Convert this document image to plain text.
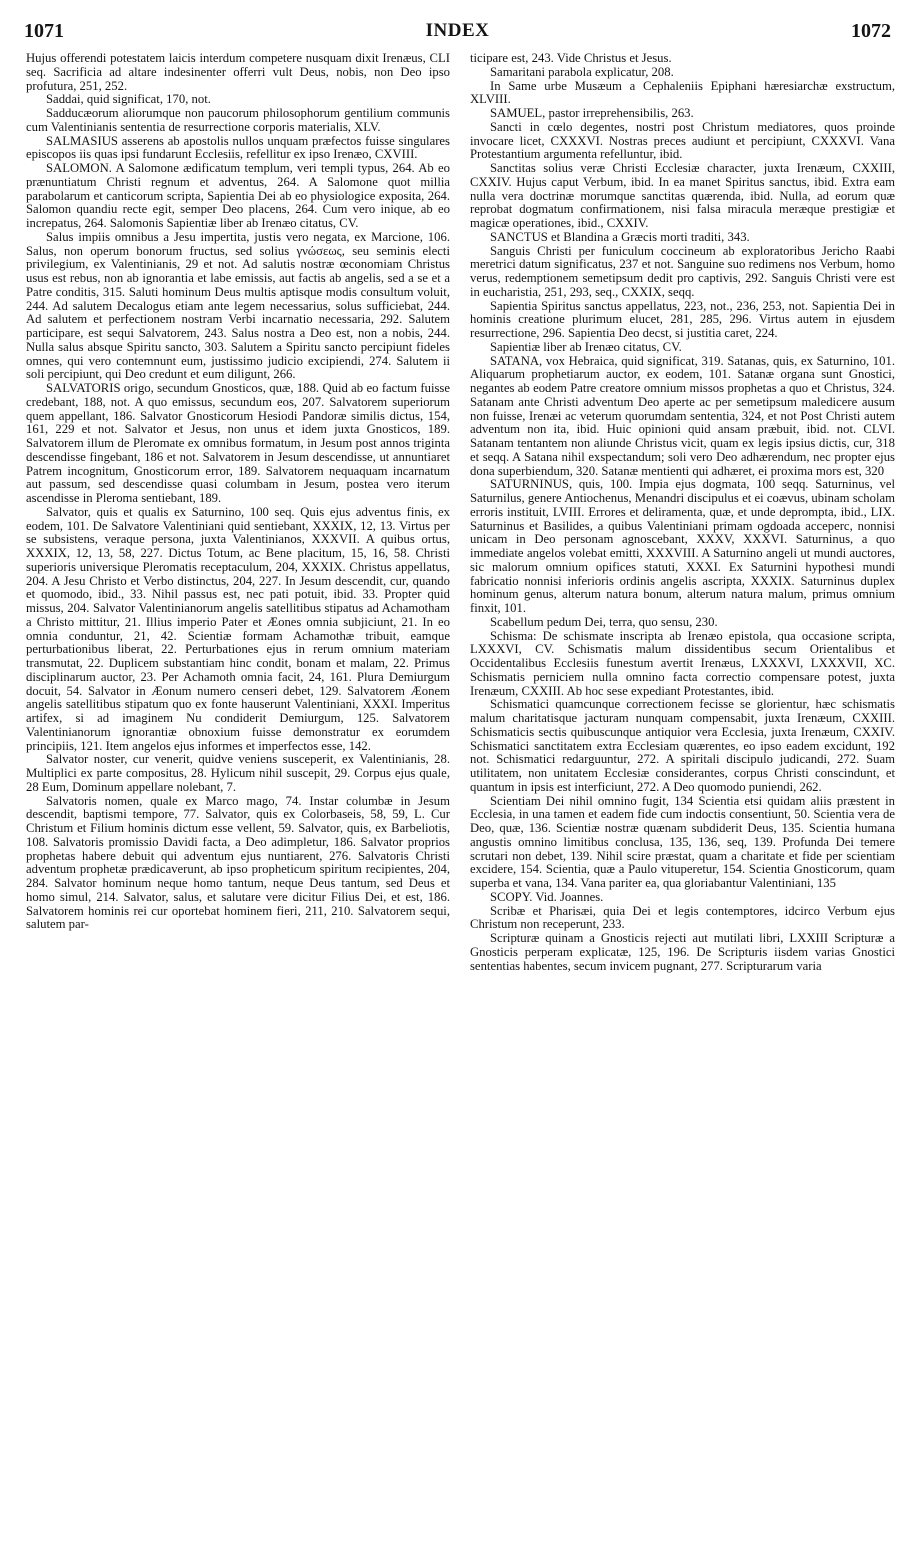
1071	INDEX	1072

Hujus offerendi potestatem laicis interdum competere nusquam dixit Irenæus, CLI seq. Sacrificia ad altare indesinenter offerri vult Deus, nobis, non Deo ipso profutura, 251, 252.

Saddai, quid significat, 170, not.

Sadducæorum aliorumque non paucorum philosophorum gentilium communis cum Valentinianis sententia de resurrectione corporis materialis, XLV.

SALMASIUS asserens ab apostolis nullos unquam præfectos fuisse singulares episcopos iis quas ipsi fundarunt Ecclesiis, refellitur ex ipso Irenæo, CXVIII.

SALOMON. A Salomone ædificatum templum, veri templi typus, 264. Ab eo prænuntiatum Christi regnum et adventus, 264. A Salomone quot millia parabolarum et canticorum scripta, Sapientia Dei ab eo physiologice exposita, 264. Salomon quandiu recte egit, semper Deo placens, 264. Cum vero inique, ab eo increpatus, 264. Salomonis Sapientiæ liber ab Irenæo citatus, CV.

Salus impiis omnibus a Jesu impertita, justis vero negata, ex Marcione, 106. Salus, non operum bonorum fructus, sed solius γνώσεως, seu seminis electi privilegium, ex Valentinianis, 29 et not. Ad salutis nostræ œconomiam Christus usus est rebus, non ab ignorantia et labe emissis, aut factis ab angelis, sed a se et a Patre conditis, 315. Saluti hominum Deus multis aptisque modis consultum voluit, 244. Ad salutem Decalogus etiam ante legem necessarius, solus sufficiebat, 244. Ad salutem et perfectionem nostram Verbi incarnatio necessaria, 292. Salutem participare, est sequi Salvatorem, 243. Salus nostra a Deo est, non a nobis, 244. Nulla salus absque Spiritu sancto, 303. Salutem a Spiritu sancto percipiunt fideles omnes, qui vero contemnunt eum, justissimo judicio excipiendi, 274. Salutem ii soli percipiunt, qui Deo credunt et eum diligunt, 266.

SALVATORIS origo, secundum Gnosticos, quæ, 188. Quid ab eo factum fuisse credebant, 188, not. A quo emissus, secundum eos, 207. Salvatorem superiorum quem appellant, 186. Salvator Gnosticorum Hesiodi Pandoræ similis dictus, 154, 161, 229 et not. Salvator et Jesus, non unus et idem juxta Gnosticos, 189. Salvatorem illum de Pleromate ex omnibus formatum, in Jesum post annos triginta descendisse fingebant, 186 et not. Salvatorem in Jesum descendisse, ut annuntiaret Patrem incognitum, Gnosticorum error, 189. Salvatorem nequaquam incarnatum aut passum, sed descendisse quasi columbam in Jesum, postea vero iterum ascendisse in Pleroma sentiebant, 189.

Salvator, quis et qualis ex Saturnino, 100 seq. Quis ejus adventus finis, ex eodem, 101. De Salvatore Valentiniani quid sentiebant, XXXIX, 12, 13. Virtus per se subsistens, veraque persona, juxta Valentinianos, XXXVII. A quibus ortus, XXXIX, 12, 13, 58, 227. Dictus Totum, ac Bene placitum, 15, 16, 58. Christi superioris universique Pleromatis receptaculum, 204, XXXIX. Christus appellatus, 204. A Jesu Christo et Verbo distinctus, 204, 227. In Jesum descendit, cur, quando et quomodo, ibid., 33. Nihil passus est, nec pati potuit, ibid. 33. Propter quid missus, 204. Salvator Valentinianorum angelis satellitibus stipatus ad Achamotham a Christo mittitur, 21. Illius imperio Pater et Æones omnia subjiciunt, 21. In eo omnia conduntur, 21, 42. Scientiæ formam Achamothæ tribuit, eamque perturbationibus liberat, 22. Perturbationes ejus in rerum omnium materiam transmutat, 22. Duplicem substantiam hinc condit, bonam et malam, 22. Primus disciplinarum auctor, 23. Per Achamoth omnia facit, 24, 161. Plura Demiurgum docuit, 54. Salvator in Æonum numero censeri debet, 129. Salvatorem Æonem angelis satellitibus stipatum quo ex fonte hauserunt Valentiniani, XXXI. Imperitus artifex, si ad imaginem Nu condiderit Demiurgum, 125. Salvatorem Valentinianorum ignorantiæ obnoxium fuisse demonstratur ex eorumdem principiis, 121. Item angelos ejus informes et imperfectos esse, 142.

Salvator noster, cur venerit, quidve veniens susceperit, ex Valentinianis, 28. Multiplici ex parte compositus, 28. Hylicum nihil suscepit, 29. Corpus ejus quale, 28 Eum, Dominum appellare nolebant, 7.

Salvatoris nomen, quale ex Marco mago, 74. Instar columbæ in Jesum descendit, baptismi tempore, 77. Salvator, quis ex Colorbaseis, 58, 59, L. Cur Christum et Filium hominis dictum esse vellent, 59. Salvator, quis, ex Barbeliotis, 108. Salvatoris promissio Davidi facta, a Deo adimpletur, 186. Salvator proprios prophetas habere debuit qui adventum ejus nuntiarent, 276. Salvatoris Christi adventum prophetæ prædicaverunt, ab ipso propheticum spiritum recipientes, 204, 284. Salvator hominum neque homo tantum, neque Deus tantum, sed Deus et homo simul, 214. Salvator, salus, et salutare vere dicitur Filius Dei, et est, 186. Salvatorem hominis rei cur oportebat hominem fieri, 211, 210. Salvatorem sequi, salutem par-

ticipare est, 243. Vide Christus et Jesus.

Samaritani parabola explicatur, 208.

In Same urbe Musæum a Cephaleniis Epiphani hæresiarchæ exstructum, XLVIII.

SAMUEL, pastor irreprehensibilis, 263.

Sancti in cœlo degentes, nostri post Christum mediatores, quos proinde invocare licet, CXXXVI. Nostras preces audiunt et percipiunt, CXXXVI. Vana Protestantium argumenta refelluntur, ibid.

Sanctitas solius veræ Christi Ecclesiæ character, juxta Irenæum, CXXIII, CXXIV. Hujus caput Verbum, ibid. In ea manet Spiritus sanctus, ibid. Extra eam nulla vera doctrinæ morumque sanctitas quærenda, ibid. Nulla, ad eorum quæ reprobat dogmatum confirmationem, nisi falsa miracula meræque prestigiæ et magicæ operationes, ibid., CXXIV.

SANCTUS et Blandina a Græcis morti traditi, 343.

Sanguis Christi per funiculum coccineum ab exploratoribus Jericho Raabi meretrici datum significatus, 237 et not. Sanguine suo redimens nos Verbum, homo verus, redemptionem semetipsum dedit pro captivis, 292. Sanguis Christi vere est in eucharistia, 251, 293, seq., CXXIX, seqq.

Sapientia Spiritus sanctus appellatus, 223, not., 236, 253, not. Sapientia Dei in hominis creatione plurimum elucet, 281, 285, 296. Virtus autem in ejusdem resurrectione, 296. Sapientia Deo decst, si justitia caret, 224.

Sapientiæ liber ab Irenæo citatus, CV.

SATANA, vox Hebraica, quid significat, 319. Satanas, quis, ex Saturnino, 101. Aliquarum prophetiarum auctor, ex eodem, 101. Satanæ organa sunt Gnostici, negantes ab eodem Patre creatore omnium missos prophetas a quo et Christus, 324. Satanam ante Christi adventum Deo aperte ac per semetipsum maledicere ausum non fuisse, Irenæi ac veterum quorumdam sententia, 324, et not Post Christi autem adventum non ita, ibid. Huic opinioni quid ansam præbuit, ibid. not. CLVI. Satanam tentantem non aliunde Christus vicit, quam ex legis ipsius dictis, cur, 318 et seqq. A Satana nihil exspectandum; soli vero Deo adhærendum, nec propter ejus dona superbiendum, 320. Satanæ mentienti qui adhæret, ei proxima mors est, 320

SATURNINUS, quis, 100. Impia ejus dogmata, 100 seqq. Saturninus, vel Saturnilus, genere Antiochenus, Menandri discipulus et ei coævus, ubinam scholam erroris instituit, LVIII. Errores et deliramenta, quæ, et unde deprompta, ibid., LIX. Saturninus et Basilides, a quibus Valentiniani primam ogdoada acceperc, nonnisi unicam in Deo personam agnoscebant, XXXV, XXXVI. Saturninus, a quo immediate angelos volebat emitti, XXXVIII. A Saturnino angeli ut mundi auctores, sic malorum omnium opifices statuti, XXXI. Ex Saturnini hypothesi mundi fabricatio nonnisi inferioris ordinis angelis ascripta, XXXIX. Saturninus duplex hominum genus, alterum natura bonum, alterum natura malum, primus omnium finxit, 101.

Scabellum pedum Dei, terra, quo sensu, 230.

Schisma: De schismate inscripta ab Irenæo epistola, qua occasione scripta, LXXXVI, CV. Schismatis malum dissidentibus secum Orientalibus et Occidentalibus Ecclesiis funestum avertit Irenæus, LXXXVI, LXXXVII, XC. Schismatis perniciem nulla omnino facta correctio compensare potest, juxta Irenæum, CXXIII. Ab hoc sese expediant Protestantes, ibid.

Schismatici quamcunque correctionem fecisse se glorientur, hæc schismatis malum charitatisque jacturam nunquam compensabit, juxta Irenæum, CXXIII. Schismaticis sectis quibuscunque antiquior vera Ecclesia, juxta Irenæum, CXXIV. Schismatici sanctitatem extra Ecclesiam quærentes, eo ipso eadem excidunt, 192 not. Schismatici redarguuntur, 272. A spiritali discipulo judicandi, 272. Suam utilitatem, non unitatem Ecclesiæ considerantes, corpus Christi conscindunt, et quantum in ipsis est interficiunt, 272. A Deo quomodo puniendi, 262.

Scientiam Dei nihil omnino fugit, 134 Scientia etsi quidam aliis præstent in Ecclesia, in una tamen et eadem fide cum indoctis consentiunt, 50. Scientia vera de Deo, quæ, 136. Scientiæ nostræ quænam subdiderit Deus, 135. Scientia humana angustis omnino limitibus conclusa, 135, 136, seq, 139. Profunda Dei temere scrutari non debet, 139. Nihil scire præstat, quam a charitate et fide per scientiam excidere, 154. Scientia, quæ a Paulo vituperetur, 154. Scientia Gnosticorum, quam superba et vana, 134. Vana pariter ea, qua gloriabantur Valentiniani, 135

SCOPY. Vid. Joannes.

Scribæ et Pharisæi, quia Dei et legis contemptores, idcirco Verbum ejus Christum non receperunt, 233.

Scripturæ quinam a Gnosticis rejecti aut mutilati libri, LXXIII Scripturæ a Gnosticis perperam explicatæ, 125, 196. De Scripturis iisdem varias Gnostici sententias habentes, secum invicem pugnant, 277. Scripturarum varia
